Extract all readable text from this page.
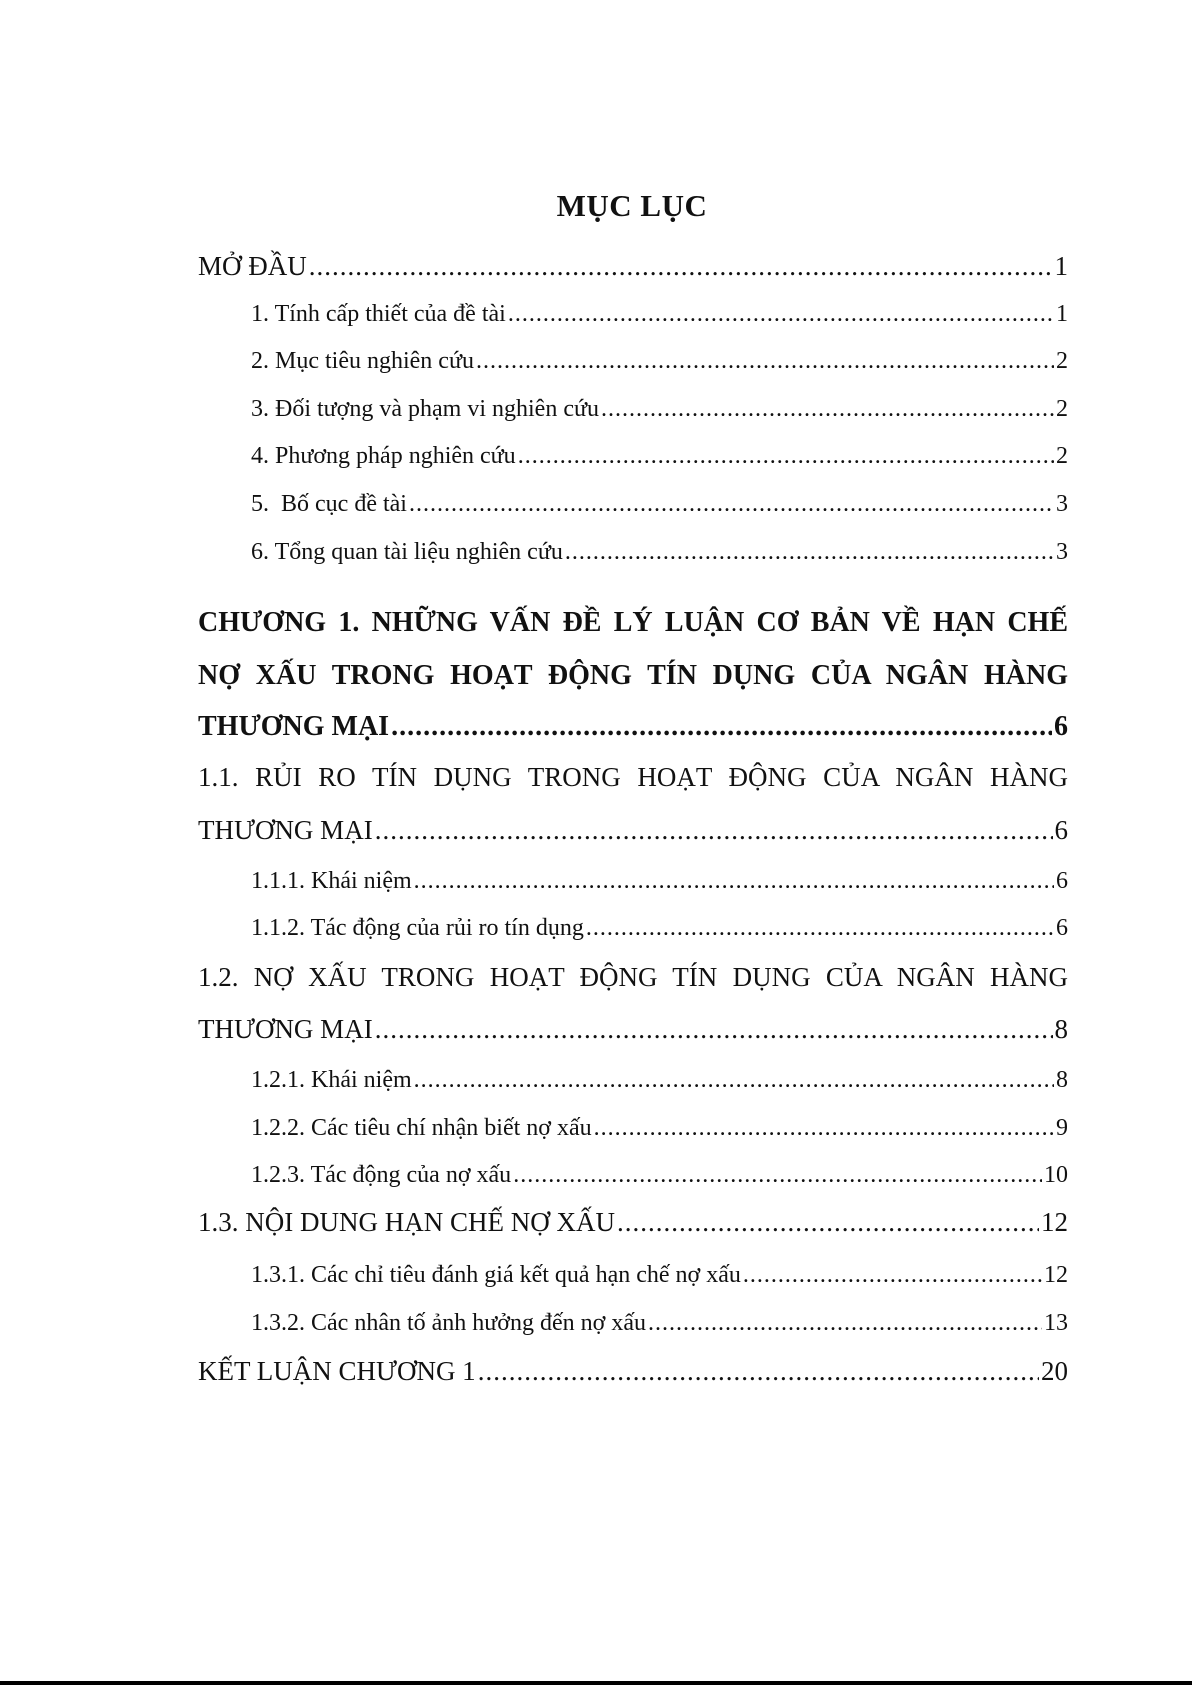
MỤC LỤC
MỞ ĐẦU .....	1
1. Tính cấp thiết của đề tài .....	1
2. Mục tiêu nghiên cứu .....	2
3. Đối tượng và phạm vi nghiên cứu .....	2
4. Phương pháp nghiên cứu .....	2
5.  Bố cục đề tài .....	3
6. Tổng quan tài liệu nghiên cứu .....	3
CHƯƠNG 1. NHỮNG VẤN ĐỀ LÝ LUẬN CƠ BẢN VỀ HẠN CHẾ
NỢ XẤU TRONG HOẠT ĐỘNG TÍN DỤNG CỦA NGÂN HÀNG
THƯƠNG MẠI .....	6
1.1. RỦI RO TÍN DỤNG TRONG HOẠT ĐỘNG CỦA NGÂN HÀNG
THƯƠNG MẠI .....	6
1.1.1. Khái niệm .....	6
1.1.2. Tác động của rủi ro tín dụng .....	6
1.2. NỢ XẤU TRONG HOẠT ĐỘNG TÍN DỤNG CỦA NGÂN HÀNG
THƯƠNG MẠI .....	8
1.2.1. Khái niệm .....	8
1.2.2. Các tiêu chí nhận biết nợ xấu .....	9
1.2.3. Tác động của nợ xấu .....	10
1.3. NỘI DUNG HẠN CHẾ NỢ XẤU .....	12
1.3.1. Các chỉ tiêu đánh giá kết quả hạn chế nợ xấu .....	12
1.3.2. Các nhân tố ảnh hưởng đến nợ xấu .....	13
KẾT LUẬN CHƯƠNG 1 .....	20
